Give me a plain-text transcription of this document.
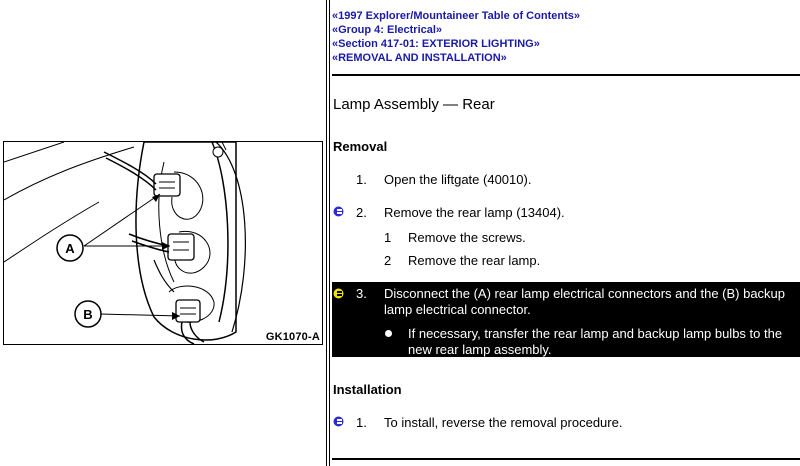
A
B
GK1070-A
«1997 Explorer/Mountaineer Table of Contents»
«Group 4: Electrical»
«Section 417-01: EXTERIOR LIGHTING»
«REMOVAL AND INSTALLATION»
Lamp Assembly — Rear
Removal
1. Open the liftgate (40010).
2. Remove the rear lamp (13404).
1 Remove the screws.
2 Remove the rear lamp.
3. Disconnect the (A) rear lamp electrical connectors and the (B) backup
lamp electrical connector.
If necessary, transfer the rear lamp and backup lamp bulbs to the
new rear lamp assembly.
Installation
1. To install, reverse the removal procedure.
